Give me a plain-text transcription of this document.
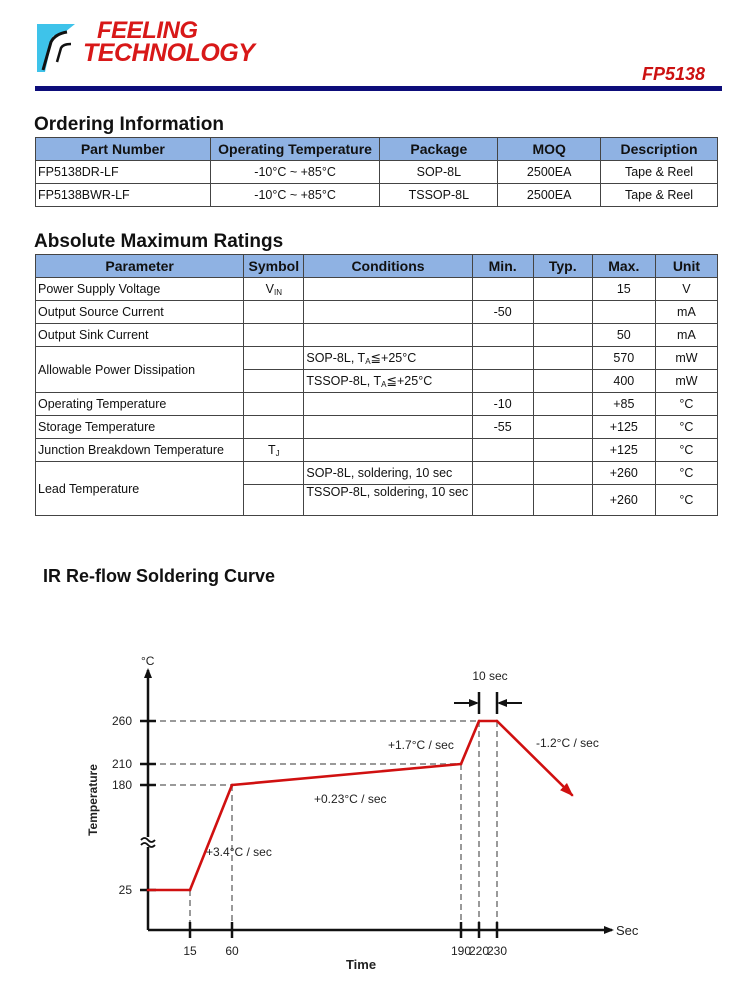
FEELING
TECHNOLOGY
FP5138
Ordering Information
Part Number	Operating Temperature	Package	MOQ	Description
FP5138DR-LF	-10°C ~ +85°C	SOP-8L	2500EA	Tape & Reel
FP5138BWR-LF	-10°C ~ +85°C	TSSOP-8L	2500EA	Tape & Reel
Absolute Maximum Ratings
Parameter	Symbol	Conditions	Min.	Typ.	Max.	Unit
Power Supply Voltage	$V_{IN}$				15	V
Output Source Current			-50			mA
Output Sink Current					50	mA
Allowable Power Dissipation		SOP-8L, $T_A≦+25^\circ C$			570	mW
		TSSOP-8L, $T_A≦+25^\circ C$			400	mW
Operating Temperature			-10		+85	°C
Storage Temperature			-55		+125	°C
Junction Breakdown Temperature	$T_J$				+125	°C
Lead Temperature		SOP-8L, soldering, 10 sec			+260	°C
		TSSOP-8L, soldering, 10 sec			+260	°C
IR Re-flow Soldering Curve
25
180
210
260
15 60	190
220
230
°C
Sec
Time
Temperature
+3.4°C / sec
+0.23°C / sec
+1.7°C / sec	-1.2°C / sec
10 sec
